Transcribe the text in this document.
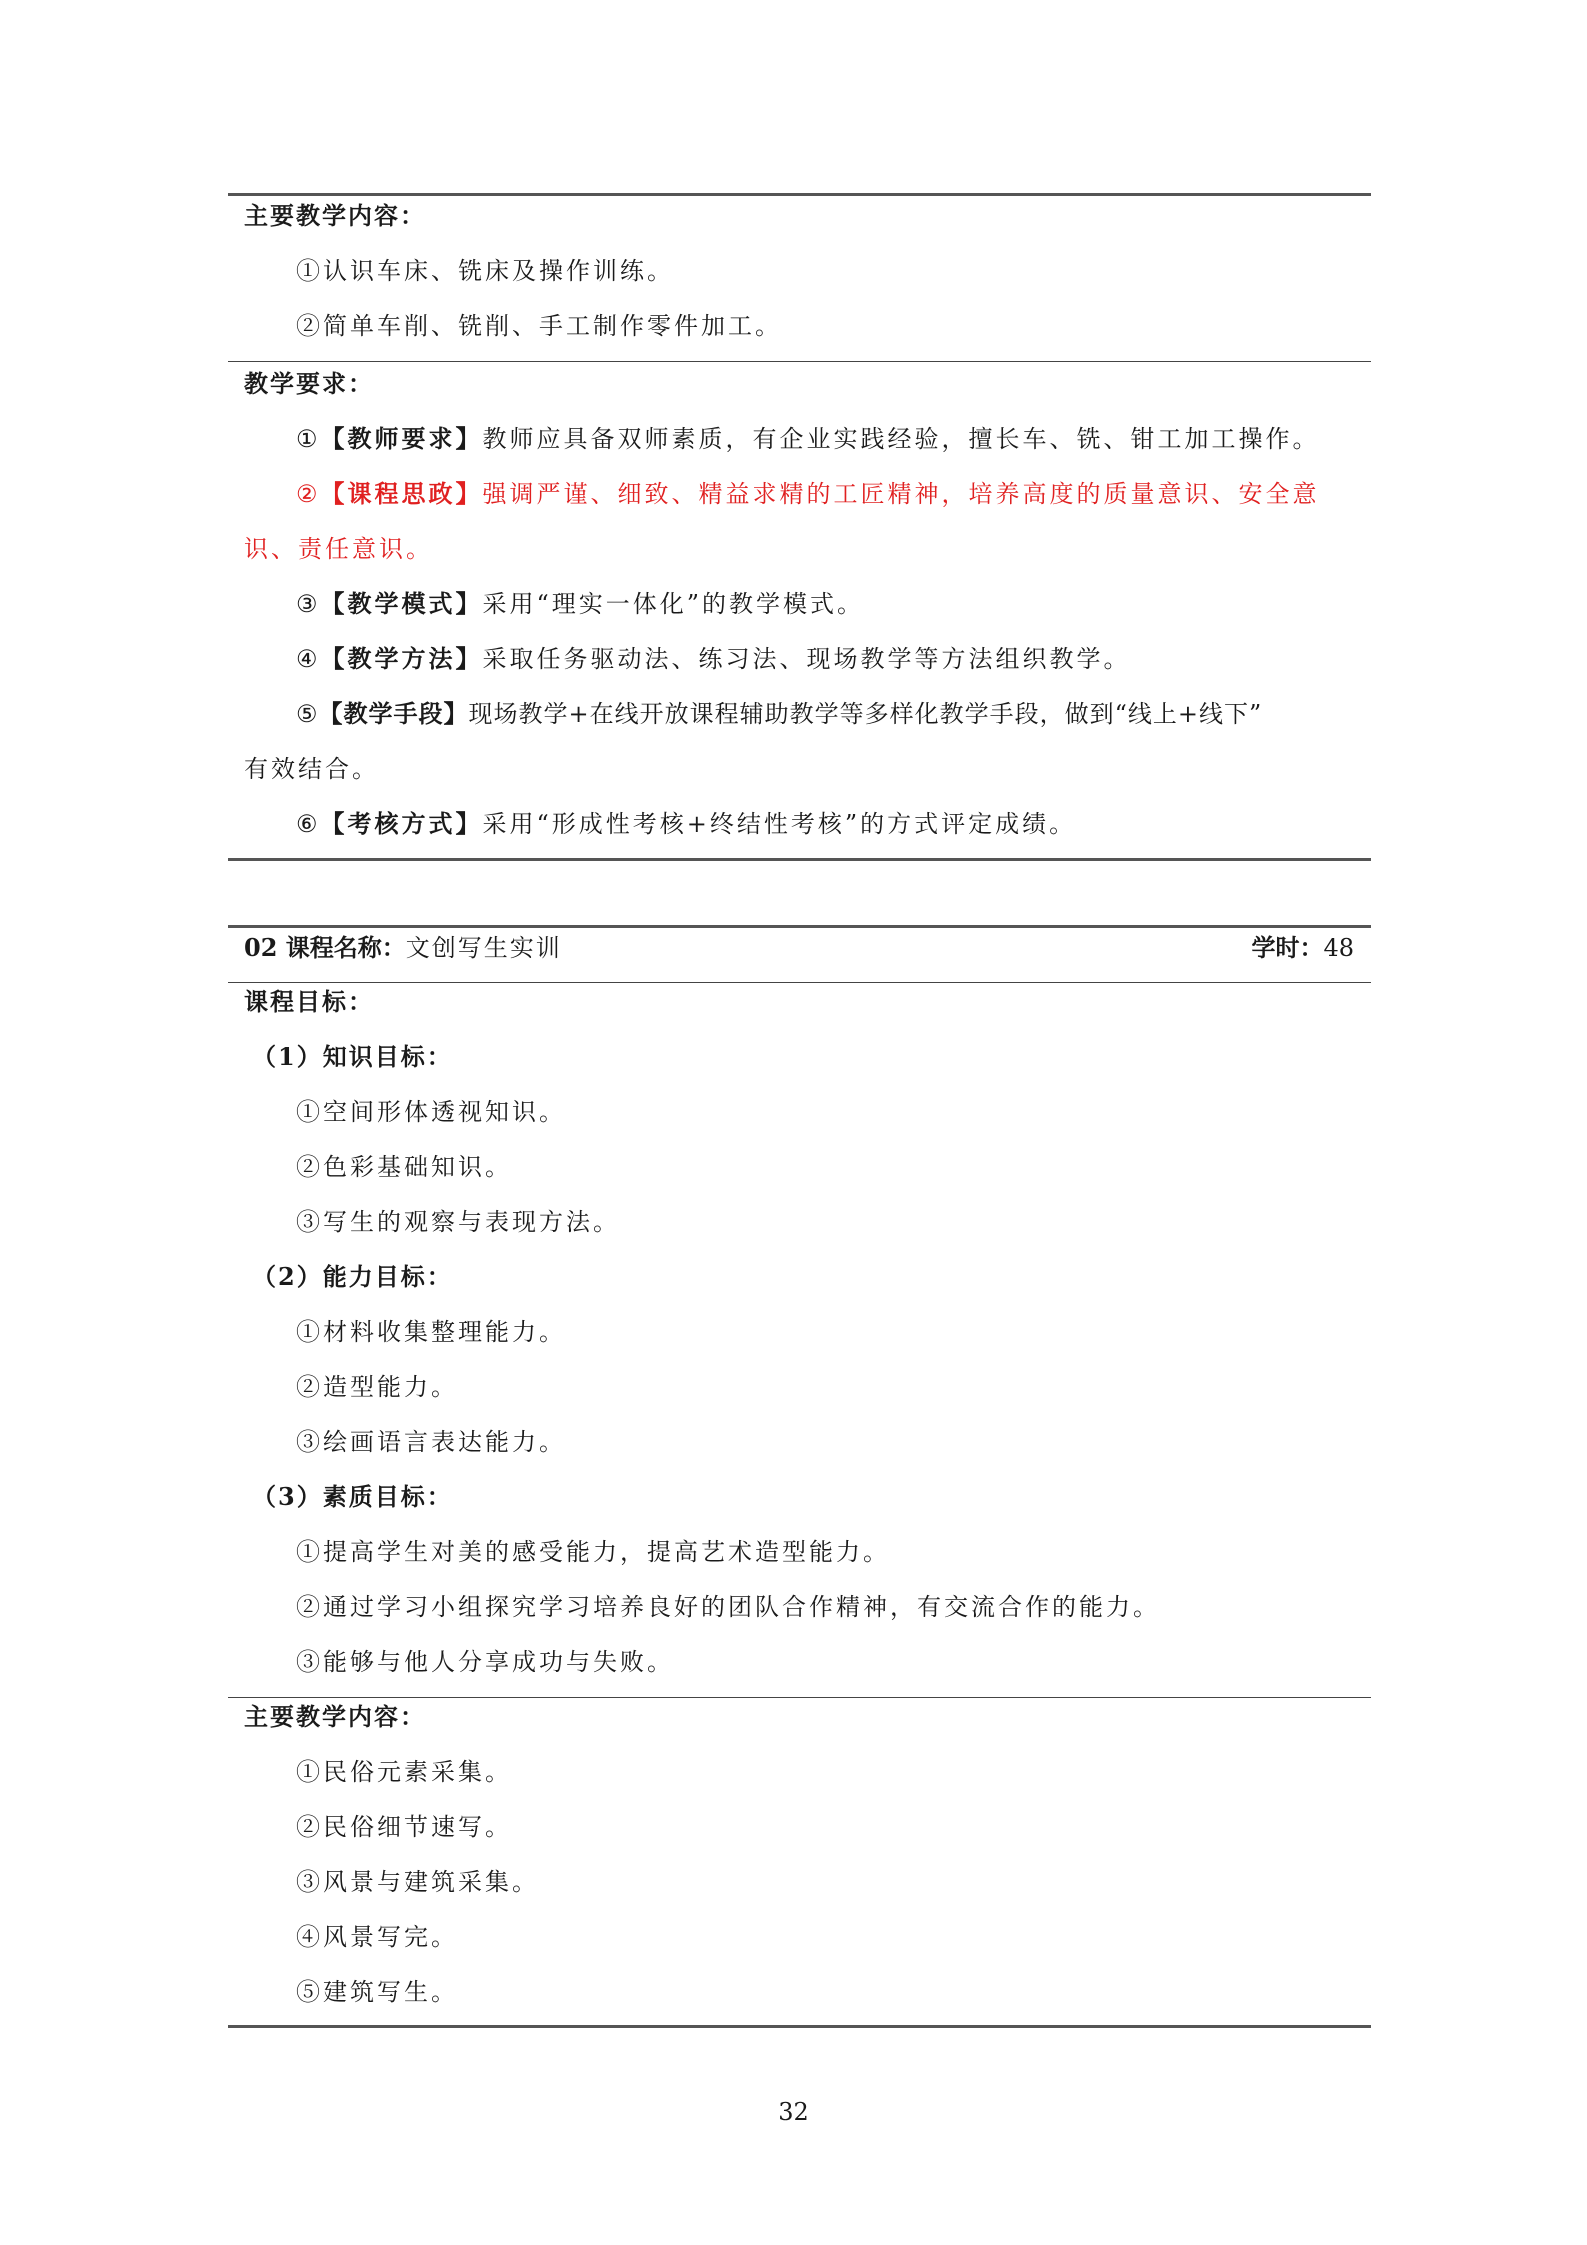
主要教学内容：
①认识车床、铣床及操作训练。
②简单车削、铣削、手工制作零件加工。
教学要求：
①【教师要求】教师应具备双师素质，有企业实践经验，擅长车、铣、钳工加工操作。
②【课程思政】强调严谨、细致、精益求精的工匠精神，培养高度的质量意识、安全意
识、责任意识。
③【教学模式】采用“理实一体化”的教学模式。
④【教学方法】采取任务驱动法、练习法、现场教学等方法组织教学。
⑤【教学手段】现场教学+在线开放课程辅助教学等多样化教学手段，做到“线上+线下”
有效结合。
⑥【考核方式】采用“形成性考核+终结性考核”的方式评定成绩。
02 课程名称：文创写生实训	学时：48
课程目标：
（1）知识目标：
①空间形体透视知识。
②色彩基础知识。
③写生的观察与表现方法。
（2）能力目标：
①材料收集整理能力。
②造型能力。
③绘画语言表达能力。
（3）素质目标：
①提高学生对美的感受能力，提高艺术造型能力。
②通过学习小组探究学习培养良好的团队合作精神，有交流合作的能力。
③能够与他人分享成功与失败。
主要教学内容：
①民俗元素采集。
②民俗细节速写。
③风景与建筑采集。
④风景写完。
⑤建筑写生。
32
